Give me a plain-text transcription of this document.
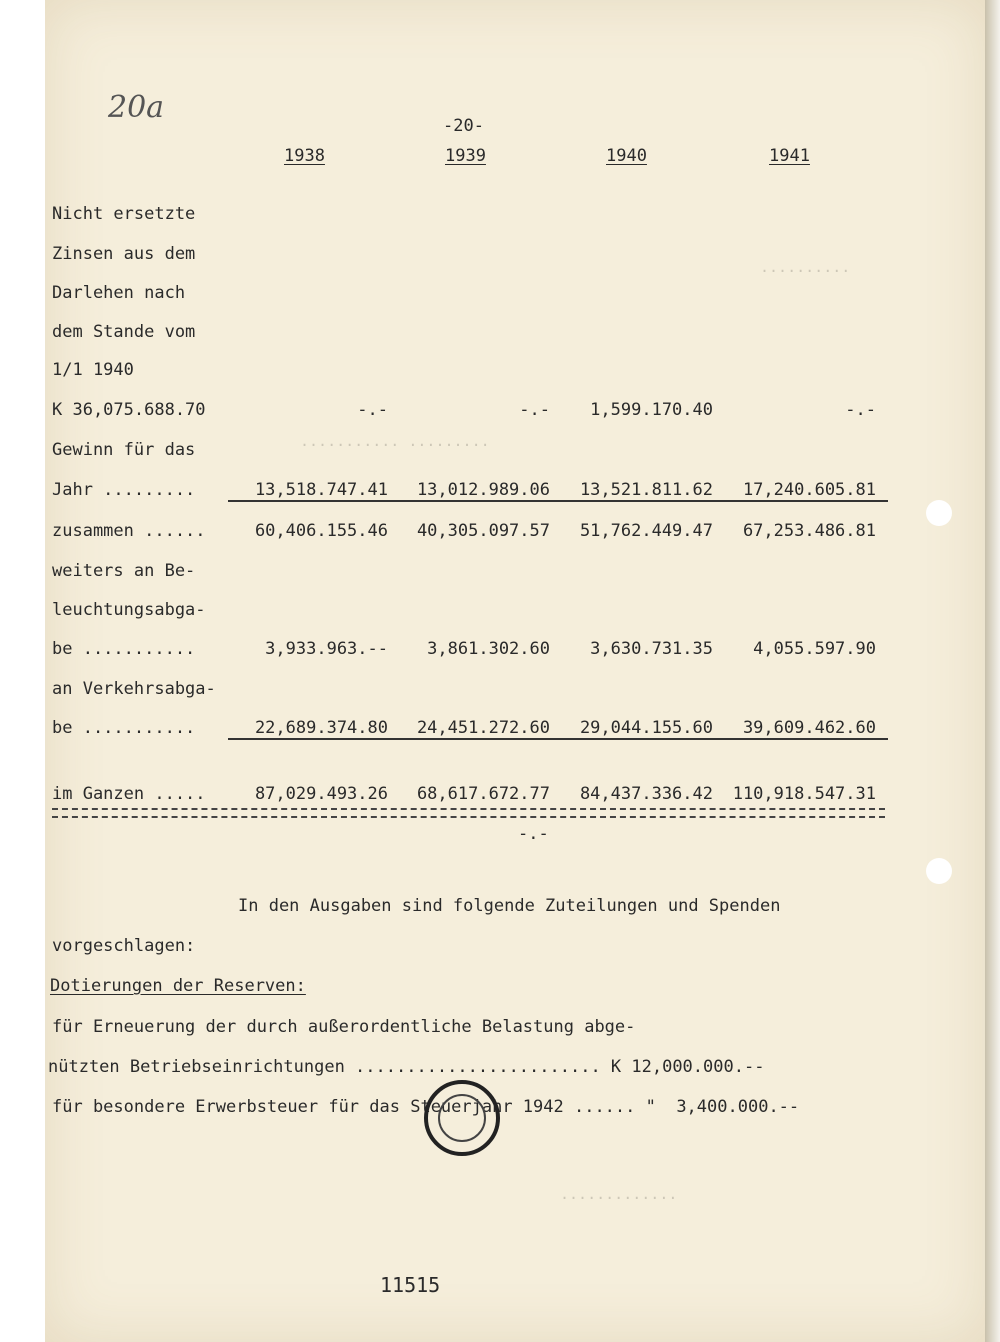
..........
........... .........
.............
20a
-20-
1938	1939	1940	1941
Nicht ersetzte
Zinsen aus dem
Darlehen nach
dem Stande vom
1/1 1940
K 36,075.688.70	-.-	-.- 1,599.170.40	-.-
Gewinn für das
Jahr .........	13,518.747.41 13,012.989.06 13,521.811.62 17,240.605.81
zusammen ......	60,406.155.46 40,305.097.57 51,762.449.47 67,253.486.81
weiters an Be-
leuchtungsabga-
be ...........	3,933.963.-- 3,861.302.60 3,630.731.35 4,055.597.90
an Verkehrsabga-
be ...........	22,689.374.80 24,451.272.60 29,044.155.60 39,609.462.60
im Ganzen .....	87,029.493.26 68,617.672.77 84,437.336.42 110,918.547.31
-.-
In den Ausgaben sind folgende Zuteilungen und Spenden
vorgeschlagen:
Dotierungen der Reserven:
für Erneuerung der durch außerordentliche Belastung abge-
nützten Betriebseinrichtungen ........................ K 12,000.000.--
für besondere Erwerbsteuer für das Steuerjahr 1942 ...... "  3,400.000.--
11515
